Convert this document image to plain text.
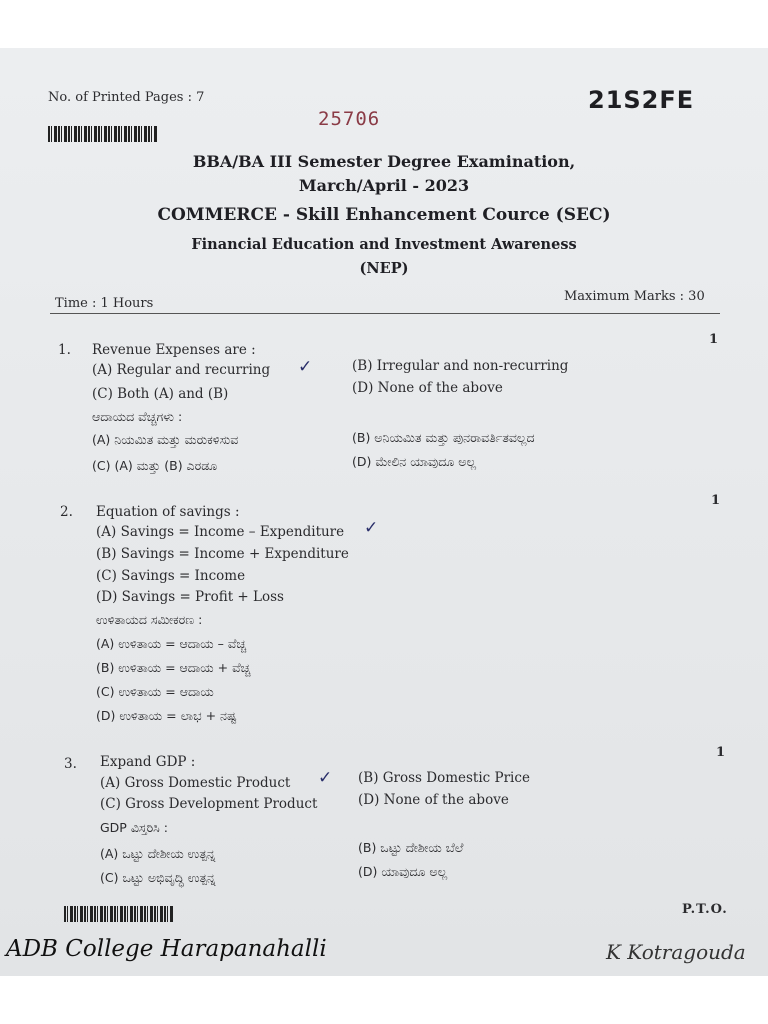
No. of Printed Pages : 7	21S2FE
25706
BBA/BA III Semester Degree Examination,
March/April - 2023
COMMERCE - Skill Enhancement Cource (SEC)
Financial Education and Investment Awareness
(NEP)
Time : 1 Hours	Maximum Marks : 30
1
1. Revenue Expenses are :
(A) Regular and recurring ✓	(B) Irregular and non-recurring
(C) Both (A) and (B)	(D) None of the above
ಆದಾಯದ ವೆಚ್ಚಗಳು :
(A) ನಿಯಮಿತ ಮತ್ತು ಮರುಕಳಿಸುವ	(B) ಅನಿಯಮಿತ ಮತ್ತು ಪುನರಾವರ್ತಿತವಲ್ಲದ
(C) (A) ಮತ್ತು (B) ಎರಡೂ	(D) ಮೇಲಿನ ಯಾವುದೂ ಅಲ್ಲ
1
2. Equation of savings :
(A) Savings = Income – Expenditure ✓
(B) Savings = Income + Expenditure
(C) Savings = Income
(D) Savings = Profit + Loss
ಉಳಿತಾಯದ ಸಮೀಕರಣ :
(A) ಉಳಿತಾಯ = ಆದಾಯ – ವೆಚ್ಚ
(B) ಉಳಿತಾಯ = ಆದಾಯ + ವೆಚ್ಚ
(C) ಉಳಿತಾಯ = ಆದಾಯ
(D) ಉಳಿತಾಯ = ಲಾಭ + ನಷ್ಟ
1
3. Expand GDP :
(A) Gross Domestic Product ✓ (B) Gross Domestic Price
(C) Gross Development Product	(D) None of the above
GDP ವಿಸ್ತರಿಸಿ :
(A) ಒಟ್ಟು ದೇಶೀಯ ಉತ್ಪನ್ನ	(B) ಒಟ್ಟು ದೇಶೀಯ ಬೆಲೆ
(C) ಒಟ್ಟು ಅಭಿವೃದ್ಧಿ ಉತ್ಪನ್ನ	(D) ಯಾವುದೂ ಅಲ್ಲ
P.T.O.
ADB College Harapanahalli	K Kotragouda
